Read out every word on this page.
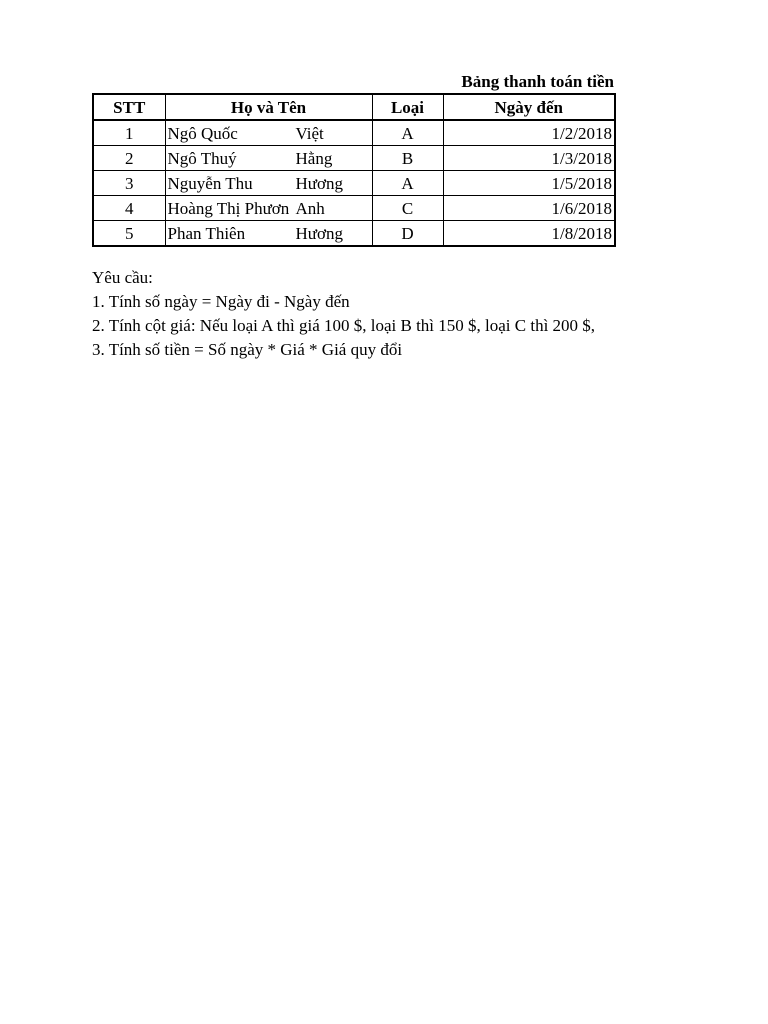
Bảng thanh toán tiền
STT	Họ và Tên	Loại	Ngày đến
1	Ngô Quốc Việt	A	1/2/2018
2	Ngô Thuý Hằng	B	1/3/2018
3	Nguyễn Thu Hương	A	1/5/2018
4	Hoàng Thị Phươn Anh	C	1/6/2018
5	Phan Thiên Hương	D	1/8/2018
Yêu cầu:
1. Tính số ngày = Ngày đi - Ngày đến
2. Tính cột giá: Nếu loại A thì giá 100 $, loại B thì 150 $, loại C thì 200 $,
3. Tính số tiền = Số ngày * Giá * Giá quy đổi
